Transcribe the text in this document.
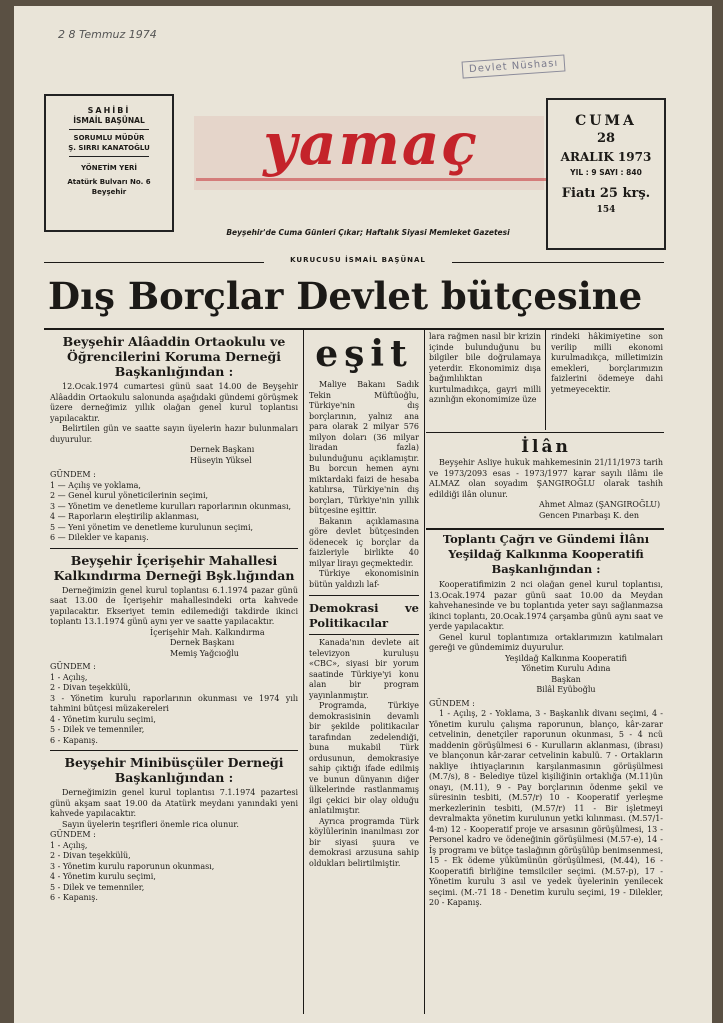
2 8 Temmuz 1974
Devlet Nüshası
SAHİBİ
İSMAİL BAŞÜNAL
SORUMLU MÜDÜR
Ş. SIRRI KANATOĞLU
YÖNETİM YERİ
Atatürk Bulvarı No. 6
Beyşehir
yamaç
Beyşehir'de Cuma Günleri Çıkar; Haftalık Siyasi Memleket Gazetesi
CUMA
28
ARALIK 1973
YIL : 9 SAYI : 840
Fiatı 25 krş.
154
KURUCUSU İSMAİL BAŞÜNAL
Dış Borçlar Devlet bütçesine
Beyşehir Alâaddin Ortaokulu ve Öğrencilerini Koruma Derneği Başkanlığından :

12.Ocak.1974 cumartesi günü saat 14.00 de Beyşehir Alâaddin Ortaokulu salonunda aşağıdaki gündemi görüşmek üzere derneğimiz yıllık olağan genel kurul toplantısı yapılacaktır.

Belirtilen gün ve saatte sayın üyelerin hazır bulunmaları duyurulur.

Dernek Başkanı
Hüseyin Yüksel
GÜNDEM :
1 — Açılış ve yoklama,
2 — Genel kurul yöneticilerinin seçimi,
3 — Yönetim ve denetleme kurulları raporlarının okunması,
4 — Raporların eleştirilip aklanması,
5 — Yeni yönetim ve denetleme kurulunun seçimi,
6 — Dilekler ve kapanış.
Beyşehir İçerişehir Mahallesi Kalkındırma Derneği Bşk.lığından

Derneğimizin genel kurul toplantısı 6.1.1974 pazar günü saat 13.00 de İçerişehir mahallesindeki orta kahvede yapılacaktır. Ekseriyet temin edilemediği takdirde ikinci toplantı 13.1.1974 günü aynı yer ve saatte yapılacaktır.

İçerişehir Mah. Kalkındırma
Dernek Başkanı
Memiş Yağcıoğlu
GÜNDEM :
1 - Açılış,
2 - Divan teşekkülü,
3 - Yönetim kurulu raporlarının okunması ve 1974 yılı tahmini bütçesi müzakereleri
4 - Yönetim kurulu seçimi,
5 - Dilek ve temenniler,
6 - Kapanış.
Beyşehir Minibüsçüler Derneği Başkanlığından :

Derneğimizin genel kurul toplantısı 7.1.1974 pazartesi günü akşam saat 19.00 da Atatürk meydanı yanındaki yeni kahvede yapılacaktır.

Sayın üyelerin teşrifleri önemle rica olunur.

GÜNDEM :
1 - Açılış,
2 - Divan teşekkülü,
3 - Yönetim kurulu raporunun okunması,
4 - Yönetim kurulu seçimi,
5 - Dilek ve temenniler,
6 - Kapanış.
eşit

Maliye Bakanı Sadık Tekin Müftüoğlu, Türkiye'nin dış borçlarının, yalnız ana para olarak 2 milyar 576 milyon doları (36 milyar liradan fazla) bulunduğunu açıklamıştır. Bu borcun hemen aynı miktardaki faizi de hesaba katılırsa, Türkiye'nin dış borçları, Türkiye'nin yıllık bütçesine eşittir.

Bakanın açıklamasına göre devlet bütçesinden ödenecek iç borçlar da faizleriyle birlikte 40 milyar lirayı geçmektedir.

Türkiye ekonomisinin bütün yaldızlı laf-

Demokrasi ve Politikacılar

Kanada'nın devlete ait televizyon kurulușu «CBC», siyasi bir yorum saatinde Türkiye'yi konu alan bir program yayınlanmıştır.

Programda, Türkiye demokrasisinin devamlı bir şekilde politikacılar tarafından zedelendiği, buna mukabil Türk ordusunun, demokrasiye sahip çıktığı ifade edilmiş ve bunun dünyanın diğer ülkelerinde rastlanmamış ilgi çekici bir olay olduğu anlatılmıştır.

Ayrıca programda Türk köylülerinin inanılması zor bir siyasi şuura ve demokrasi arzusuna sahip oldukları belirtilmiştir.

lara rağmen nasıl bir krizin içinde bulunduğunu bu bilgiler bile doğrulamaya yeterdir. Ekonomimiz dışa bağımlılıktan kurtulmadıkça, gayri milli azınlığın ekonomimize üze

rindeki hâkimiyetine son verilip milli ekonomi kurulmadıkça, milletimizin emekleri, borçlarımızın faizlerini ödemeye dahi yetmeyecektir.

İlân

Beyşehir Asliye hukuk mahkemesinin 21/11/1973 tarih ve 1973/2093 esas - 1973/1977 karar sayılı ilâmı ile ALMAZ olan soyadım ŞANGIROĞLU olarak tashih edildiği ilân olunur.

Ahmet Almaz (ŞANGIROĞLU)
Gencen Pınarbaşı K. den
Toplantı Çağrı ve Gündemi İlânı
Yeşildağ Kalkınma Kooperatifi Başkanlığından :

Kooperatifimizin 2 nci olağan genel kurul toplantısı, 13.Ocak.1974 pazar günü saat 10.00 da Meydan kahvehanesinde ve bu toplantıda yeter sayı sağlanmazsa ikinci toplantı, 20.Ocak.1974 çarşamba günü aynı saat ve yerde yapılacaktır.

Genel kurul toplantımıza ortaklarımızın katılmaları gereği ve gündemimiz duyurulur.

Yeşildağ Kalkınma Kooperatifi
Yönetim Kurulu Adına
Başkan
Bilâl Eyüboğlu
GÜNDEM :

1 - Açılış, 2 - Yoklama, 3 - Başkanlık divanı seçimi, 4 - Yönetim kurulu çalışma raporunun, blanço, kâr-zarar cetvelinin, denetçiler raporunun okunması, 5 - 4 ncü maddenin görüşülmesi 6 - Kurulların aklanması, (ibrası) ve blançonun kâr-zarar cetvelinin kabulü. 7 - Ortakların nakliye ihtiyaçlarının karşılanmasının görüşülmesi (M.7/s), 8 - Belediye tüzel kişiliğinin ortaklığa (M.11)ün onayı, (M.11), 9 - Pay borçlarının ödenme şekil ve süresinin tesbiti, (M.57/r) 10 - Kooperatif yerleşme merkezlerinin tesbiti, (M.57/r) 11 - Bir işletmeyi devralmakta yönetim kurulunun yetki kılınması. (M.57/1-4-m) 12 - Kooperatif proje ve arsasının görüşülmesi, 13 - Personel kadro ve ödeneğinin görüşülmesi (M.57-e), 14 - İş programı ve bütçe taslağının görüşülüp benimsenmesi, 15 - Ek ödeme yükümünün görüşülmesi, (M.44), 16 - Kooperatifi birliğine temsilciler seçimi. (M.57-p), 17 - Yönetim kurulu 3 asıl ve yedek üyelerinin yenilecek seçimi. (M.-71 18 - Denetim kurulu seçimi, 19 - Dilekler, 20 - Kapanış.
